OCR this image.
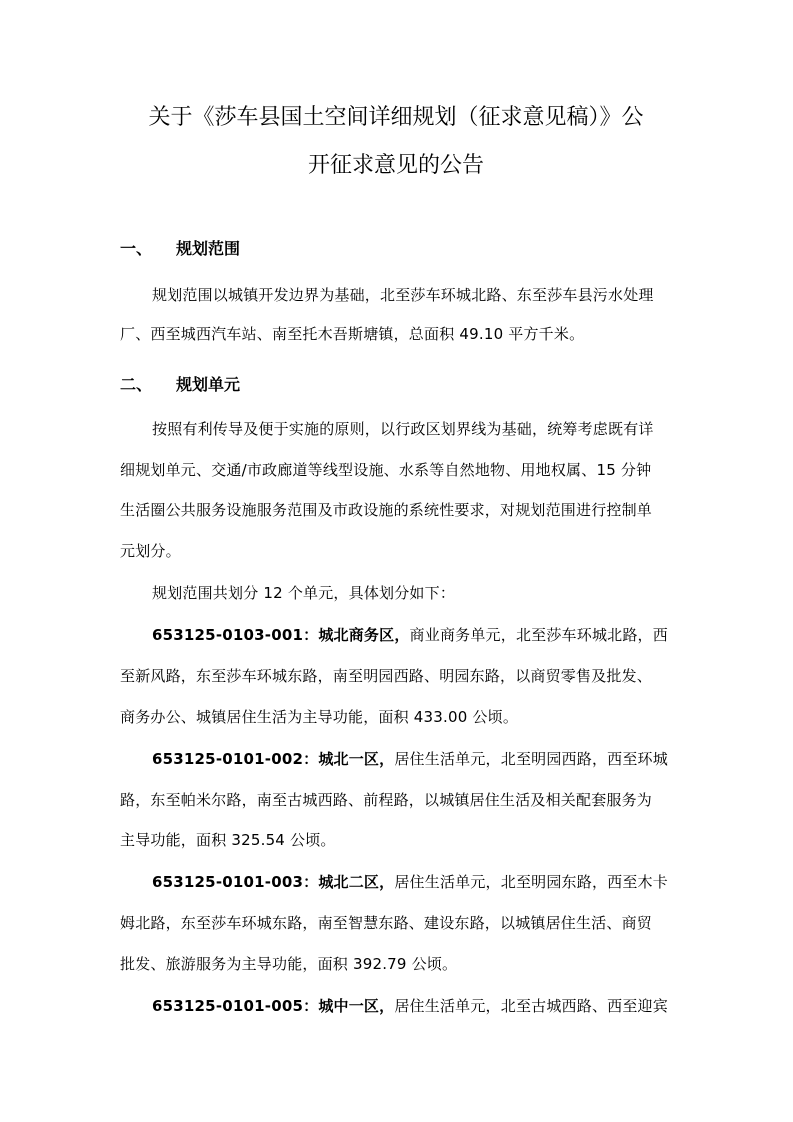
关于《莎车县国土空间详细规划（征求意见稿）》公
开征求意见的公告
一、 规划范围
规划范围以城镇开发边界为基础，北至莎车环城北路、东至莎车县污水处理
厂、西至城西汽车站、南至托木吾斯塘镇，总面积 49.10 平方千米。
二、 规划单元
按照有利传导及便于实施的原则，以行政区划界线为基础，统筹考虑既有详
细规划单元、交通/市政廊道等线型设施、水系等自然地物、用地权属、15 分钟
生活圈公共服务设施服务范围及市政设施的系统性要求，对规划范围进行控制单
元划分。
规划范围共划分 12 个单元，具体划分如下：
653125-0103-001：城北商务区，商业商务单元，北至莎车环城北路，西
至新风路，东至莎车环城东路，南至明园西路、明园东路，以商贸零售及批发、
商务办公、城镇居住生活为主导功能，面积 433.00 公顷。
653125-0101-002：城北一区，居住生活单元，北至明园西路，西至环城
路，东至帕米尔路，南至古城西路、前程路，以城镇居住生活及相关配套服务为
主导功能，面积 325.54 公顷。
653125-0101-003：城北二区，居住生活单元，北至明园东路，西至木卡
姆北路，东至莎车环城东路，南至智慧东路、建设东路，以城镇居住生活、商贸
批发、旅游服务为主导功能，面积 392.79 公顷。
653125-0101-005：城中一区，居住生活单元，北至古城西路、西至迎宾
